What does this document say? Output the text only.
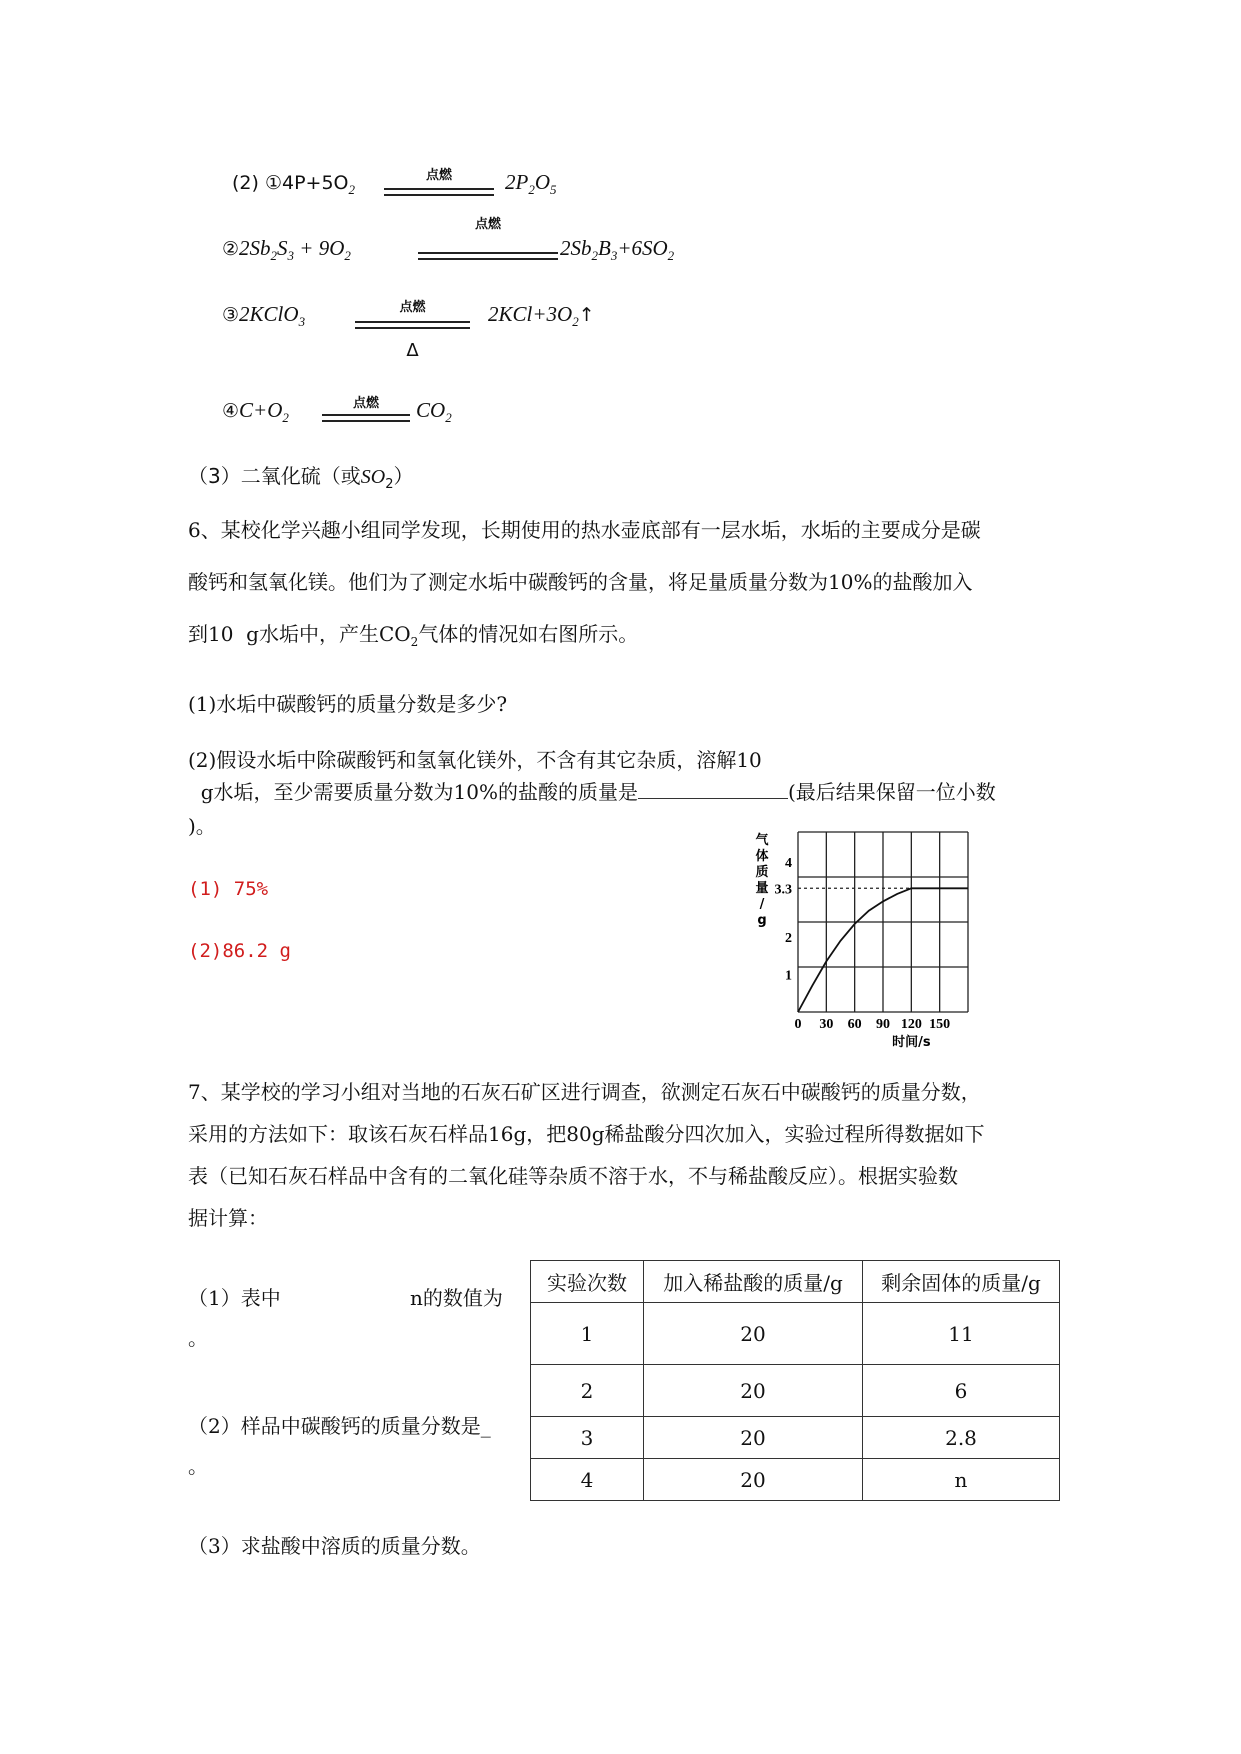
(2) $①4P+5O_2$
点燃	$2P_2O_5$
点燃
$②2Sb_2S_3 + 9O_2$	$2Sb_2B_3+6SO_2$
③2KClO$_3$
点燃
Δ
$2KCl+3O_2↑$
$④C+O_2$
点燃	$CO_2$
（3）二氧化硫（或$SO_2$）
6、某校化学兴趣小组同学发现，长期使用的热水壶底部有一层水垢，水垢的主要成分是碳
酸钙和氢氧化镁。他们为了测定水垢中碳酸钙的含量，将足量质量分数为10%的盐酸加入
到10  g水垢中，产生$CO_2$气体的情况如右图所示。
(1)水垢中碳酸钙的质量分数是多少?
(2)假设水垢中除碳酸钙和氢氧化镁外，不含有其它杂质，溶解10
g水垢，至少需要质量分数为10%的盐酸的质量是	(最后结果保留一位小数
)。
(1) 75%
(2)86.2 g
0 30 60 90 120 150
1
2
3.3
4
气
体
质
量
/
g
时间/s
7、某学校的学习小组对当地的石灰石矿区进行调查，欲测定石灰石中碳酸钙的质量分数，
采用的方法如下：取该石灰石样品16g，把80g稀盐酸分四次加入，实验过程所得数据如下
表（已知石灰石样品中含有的二氧化硅等杂质不溶于水，不与稀盐酸反应）。根据实验数
据计算：
（1）表中	n的数值为
。
（2）样品中碳酸钙的质量分数是_
。
（3）求盐酸中溶质的质量分数。
实验次数	加入稀盐酸的质量/g	剩余固体的质量/g
1	20	11
2	20	6
3	20	2.8
4	20	n
